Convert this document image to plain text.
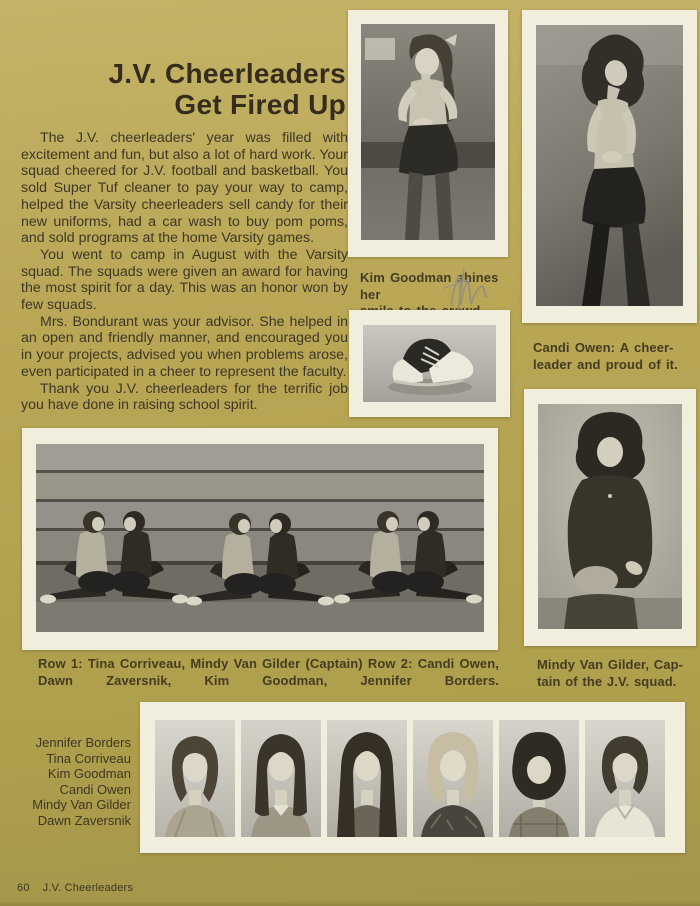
J.V. Cheerleaders
Get Fired Up

The J.V. cheerleaders' year was filled with excitement and fun, but also a lot of hard work. Your squad cheered for J.V. football and basketball. You sold Super Tuf cleaner to pay your way to camp, helped the Varsity cheerleaders sell candy for their new uniforms, had a car wash to buy pom poms, and sold programs at the home Varsity games.

You went to camp in August with the Varsity squad. The squads were given an award for having the most spirit for a day. This was an honor won by few squads.

Mrs. Bondurant was your advisor. She helped in an open and friendly manner, and encouraged you in your projects, advised you when problems arose, even participated in a cheer to represent the faculty.

Thank you J.V. cheerleaders for the terrific job you have done in raising school spirit.

Kim Goodman shines her
Candi Owen: A cheer-
leader and proud of it.
Mindy Van Gilder, Cap-
tain of the J.V. squad.
Row 1: Tina Corriveau, Mindy Van Gilder (Captain) Row 2: Candi Owen, Dawn Zaversnik, Kim Goodman, Jennifer Borders.
Jennifer Borders
Tina Corriveau
Kim Goodman
Candi Owen
Mindy Van Gilder
Dawn Zaversnik
60 J.V. Cheerleaders
